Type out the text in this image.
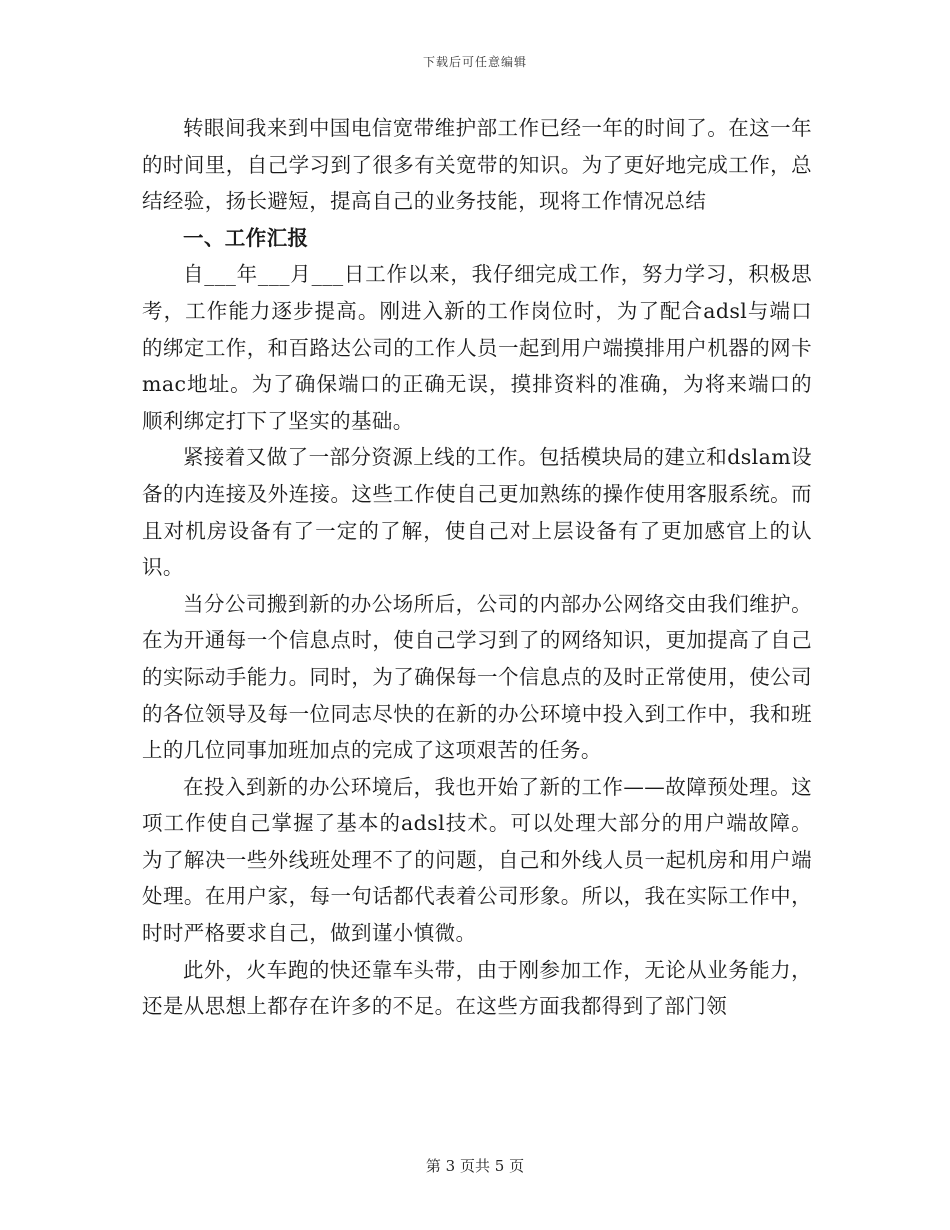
下载后可任意编辑

转眼间我来到中国电信宽带维护部工作已经一年的时间了。在这一年的时间里，自己学习到了很多有关宽带的知识。为了更好地完成工作，总结经验，扬长避短，提高自己的业务技能，现将工作情况总结

一、工作汇报

自___年___月___日工作以来，我仔细完成工作，努力学习，积极思考，工作能力逐步提高。刚进入新的工作岗位时，为了配合adsl与端口的绑定工作，和百路达公司的工作人员一起到用户端摸排用户机器的网卡mac地址。为了确保端口的正确无误，摸排资料的准确，为将来端口的顺利绑定打下了坚实的基础。

紧接着又做了一部分资源上线的工作。包括模块局的建立和dslam设备的内连接及外连接。这些工作使自己更加熟练的操作使用客服系统。而且对机房设备有了一定的了解，使自己对上层设备有了更加感官上的认识。

当分公司搬到新的办公场所后，公司的内部办公网络交由我们维护。在为开通每一个信息点时，使自己学习到了的网络知识，更加提高了自己的实际动手能力。同时，为了确保每一个信息点的及时正常使用，使公司的各位领导及每一位同志尽快的在新的办公环境中投入到工作中，我和班上的几位同事加班加点的完成了这项艰苦的任务。

在投入到新的办公环境后，我也开始了新的工作——故障预处理。这项工作使自己掌握了基本的adsl技术。可以处理大部分的用户端故障。为了解决一些外线班处理不了的问题，自己和外线人员一起机房和用户端处理。在用户家，每一句话都代表着公司形象。所以，我在实际工作中，时时严格要求自己，做到谨小慎微。

此外，火车跑的快还靠车头带，由于刚参加工作，无论从业务能力，还是从思想上都存在许多的不足。在这些方面我都得到了部门领

第 3 页共 5 页
